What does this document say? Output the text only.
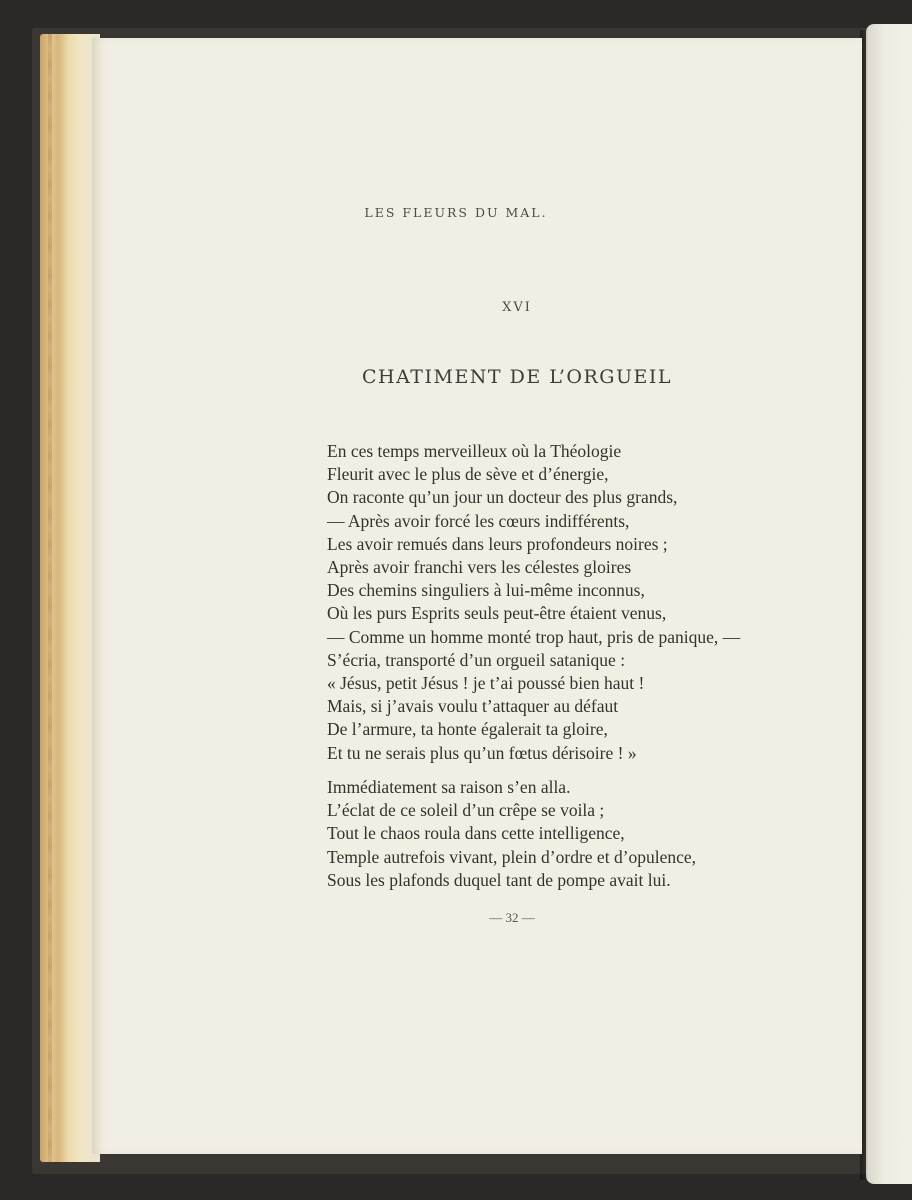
LES FLEURS DU MAL.
XVI
CHATIMENT DE L’ORGUEIL
En ces temps merveilleux où la Théologie
Fleurit avec le plus de sève et d’énergie,
On raconte qu’un jour un docteur des plus grands,
— Après avoir forcé les cœurs indifférents,
Les avoir remués dans leurs profondeurs noires ;
Après avoir franchi vers les célestes gloires
Des chemins singuliers à lui-même inconnus,
Où les purs Esprits seuls peut-être étaient venus,
— Comme un homme monté trop haut, pris de panique, —
S’écria, transporté d’un orgueil satanique :
« Jésus, petit Jésus ! je t’ai poussé bien haut !
Mais, si j’avais voulu t’attaquer au défaut
De l’armure, ta honte égalerait ta gloire,
Et tu ne serais plus qu’un fœtus dérisoire ! »
Immédiatement sa raison s’en alla.
L’éclat de ce soleil d’un crêpe se voila ;
Tout le chaos roula dans cette intelligence,
Temple autrefois vivant, plein d’ordre et d’opulence,
Sous les plafonds duquel tant de pompe avait lui.
— 32 —
